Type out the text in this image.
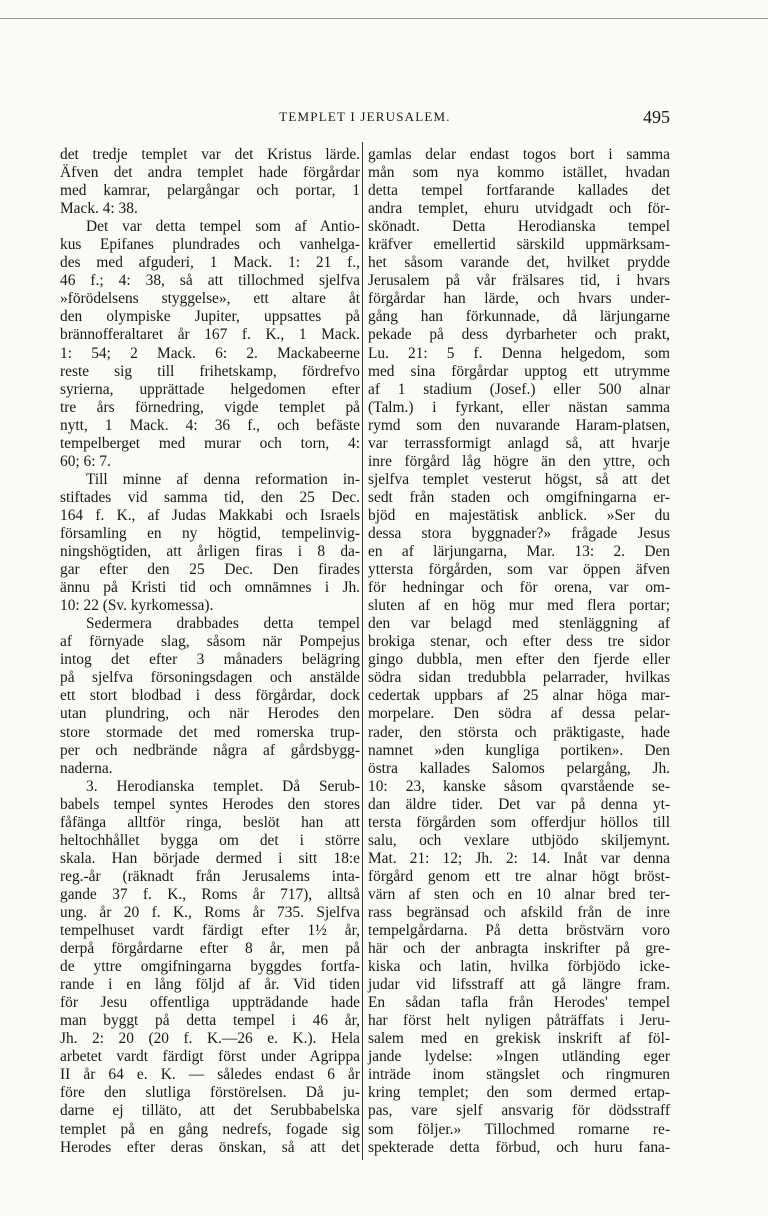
TEMPLET I JERUSALEM.	495
det tredje templet var det Kristus lärde.
Äfven det andra templet hade förgårdar
med kamrar, pelargångar och portar, 1
Mack. 4: 38.
Det var detta tempel som af Antio-
kus Epifanes plundrades och vanhelga-
des med afguderi, 1 Mack. 1: 21 f.,
46 f.; 4: 38, så att tillochmed sjelfva
»förödelsens styggelse», ett altare åt
den olympiske Jupiter, uppsattes på
brännofferaltaret år 167 f. K., 1 Mack.
1: 54; 2 Mack. 6: 2. Mackabeerne
reste sig till frihetskamp, fördrefvo
syrierna, upprättade helgedomen efter
tre års förnedring, vigde templet på
nytt, 1 Mack. 4: 36 f., och befäste
tempelberget med murar och torn, 4:
60; 6: 7.
Till minne af denna reformation in-
stiftades vid samma tid, den 25 Dec.
164 f. K., af Judas Makkabi och Israels
församling en ny högtid, tempelinvig-
ningshögtiden, att årligen firas i 8 da-
gar efter den 25 Dec. Den firades
ännu på Kristi tid och omnämnes i Jh.
10: 22 (Sv. kyrkomessa).
Sedermera drabbades detta tempel
af förnyade slag, såsom när Pompejus
intog det efter 3 månaders belägring
på sjelfva försoningsdagen och anstälde
ett stort blodbad i dess förgårdar, dock
utan plundring, och när Herodes den
store stormade det med romerska trup-
per och nedbrände några af gårdsbygg-
naderna.
3. Herodianska templet. Då Serub-
babels tempel syntes Herodes den stores
fåfänga alltför ringa, beslöt han att
heltochhållet bygga om det i större
skala. Han började dermed i sitt 18:e
reg.-år (räknadt från Jerusalems inta-
gande 37 f. K., Roms år 717), alltså
ung. år 20 f. K., Roms år 735. Sjelfva
tempelhuset vardt färdigt efter 1½ år,
derpå förgårdarne efter 8 år, men på
de yttre omgifningarna byggdes fortfa-
rande i en lång följd af år. Vid tiden
för Jesu offentliga uppträdande hade
man byggt på detta tempel i 46 år,
Jh. 2: 20 (20 f. K.—26 e. K.). Hela
arbetet vardt färdigt först under Agrippa
II år 64 e. K. — således endast 6 år
före den slutliga förstörelsen. Då ju-
darne ej tilläto, att det Serubbabelska
templet på en gång nedrefs, fogade sig
Herodes efter deras önskan, så att det
gamlas delar endast togos bort i samma
mån som nya kommo istället, hvadan
detta tempel fortfarande kallades det
andra templet, ehuru utvidgadt och för-
skönadt. Detta Herodianska tempel
kräfver emellertid särskild uppmärksam-
het såsom varande det, hvilket prydde
Jerusalem på vår frälsares tid, i hvars
förgårdar han lärde, och hvars under-
gång han förkunnade, då lärjungarne
pekade på dess dyrbarheter och prakt,
Lu. 21: 5 f. Denna helgedom, som
med sina förgårdar upptog ett utrymme
af 1 stadium (Josef.) eller 500 alnar
(Talm.) i fyrkant, eller nästan samma
rymd som den nuvarande Haram-platsen,
var terrassformigt anlagd så, att hvarje
inre förgård låg högre än den yttre, och
sjelfva templet vesterut högst, så att det
sedt från staden och omgifningarna er-
bjöd en majestätisk anblick. »Ser du
dessa stora byggnader?» frågade Jesus
en af lärjungarna, Mar. 13: 2. Den
yttersta förgården, som var öppen äfven
för hedningar och för orena, var om-
sluten af en hög mur med flera portar;
den var belagd med stenläggning af
brokiga stenar, och efter dess tre sidor
gingo dubbla, men efter den fjerde eller
södra sidan tredubbla pelarrader, hvilkas
cedertak uppbars af 25 alnar höga mar-
morpelare. Den södra af dessa pelar-
rader, den största och präktigaste, hade
namnet »den kungliga portiken». Den
östra kallades Salomos pelargång, Jh.
10: 23, kanske såsom qvarstående se-
dan äldre tider. Det var på denna yt-
tersta förgården som offerdjur höllos till
salu, och vexlare utbjödo skiljemynt.
Mat. 21: 12; Jh. 2: 14. Inåt var denna
förgård genom ett tre alnar högt bröst-
värn af sten och en 10 alnar bred ter-
rass begränsad och afskild från de inre
tempelgårdarna. På detta bröstvärn voro
här och der anbragta inskrifter på gre-
kiska och latin, hvilka förbjödo icke-
judar vid lifsstraff att gå längre fram.
En sådan tafla från Herodes' tempel
har först helt nyligen påträffats i Jeru-
salem med en grekisk inskrift af föl-
jande lydelse: »Ingen utländing eger
inträde inom stängslet och ringmuren
kring templet; den som dermed ertap-
pas, vare sjelf ansvarig för dödsstraff
som följer.» Tillochmed romarne re-
spekterade detta förbud, och huru fana-
